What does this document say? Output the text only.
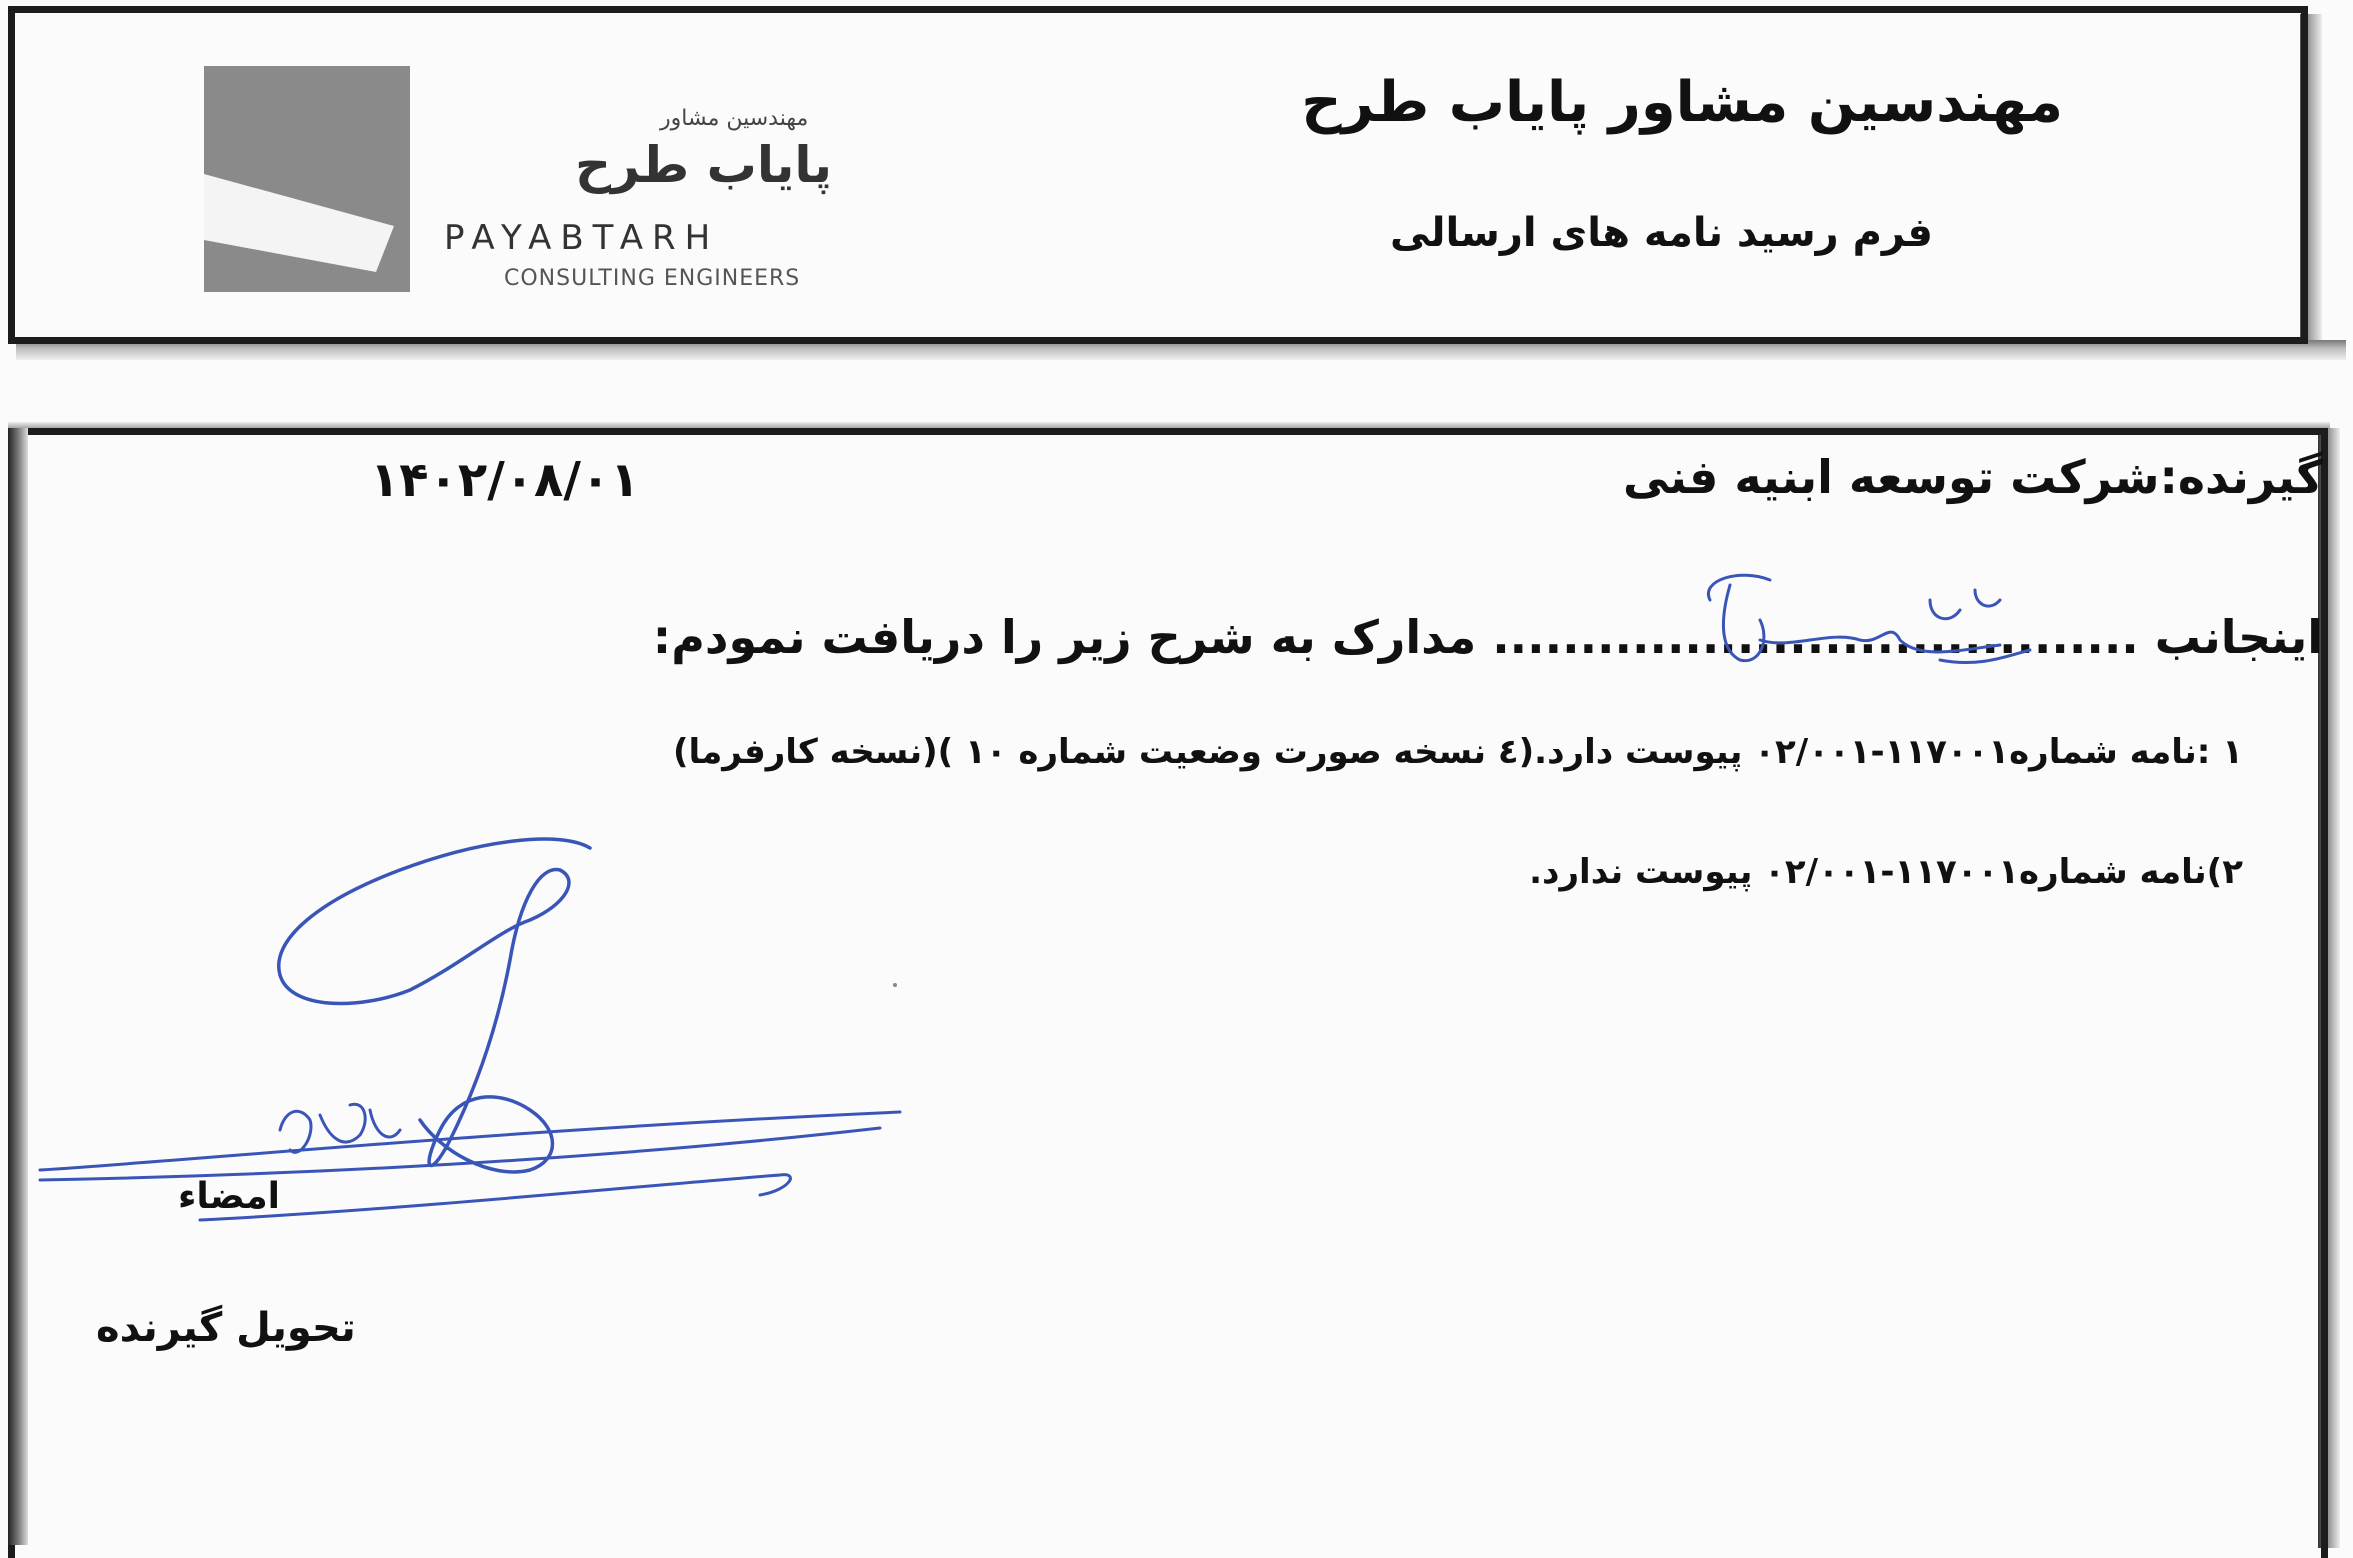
مهندسین مشاور
پایاب طرح
PAYABTARH
CONSULTING ENGINEERS
مهندسین مشاور پایاب طرح
فرم رسید نامه های ارسالی
گیرنده:شرکت توسعه ابنیه فنی
۱۴۰۲/۰۸/۰۱
اینجانب ..................................... مدارک به شرح زیر را دریافت نمودم:
۱ :نامه شماره۱۱۷۰۰۱-۰۲/۰۰۱ پیوست دارد.(٤ نسخه صورت وضعیت شماره ۱۰ )(نسخه کارفرما)
۲)نامه شماره۱۱۷۰۰۱-۰۲/۰۰۱ پیوست ندارد.
امضاء
تحویل گیرنده
